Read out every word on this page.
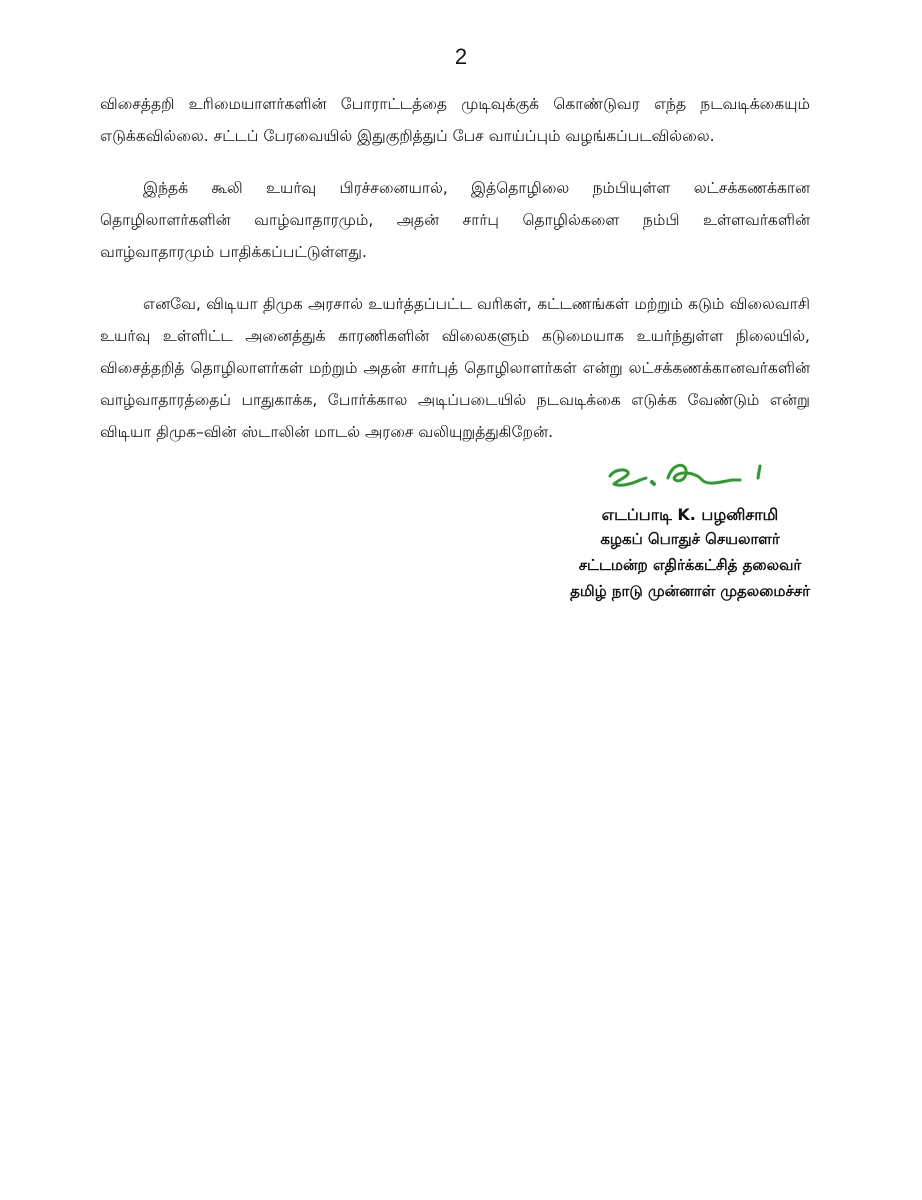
2

விசைத்தறி உரிமையாளர்களின் போராட்டத்தை முடிவுக்குக் கொண்டுவர எந்த நடவடிக்கையும் எடுக்கவில்லை. சட்டப் பேரவையில் இதுகுறித்துப் பேச வாய்ப்பும் வழங்கப்படவில்லை.

இந்தக் கூலி உயர்வு பிரச்சனையால், இத்தொழிலை நம்பியுள்ள லட்சக்கணக்கான தொழிலாளர்களின் வாழ்வாதாரமும், அதன் சார்பு தொழில்களை நம்பி உள்ளவர்களின் வாழ்வாதாரமும் பாதிக்கப்பட்டுள்ளது.

எனவே, விடியா திமுக அரசால் உயர்த்தப்பட்ட வரிகள், கட்டணங்கள் மற்றும் கடும் விலைவாசி உயர்வு உள்ளிட்ட அனைத்துக் காரணிகளின் விலைகளும் கடுமையாக உயர்ந்துள்ள நிலையில், விசைத்தறித் தொழிலாளர்கள் மற்றும் அதன் சார்புத் தொழிலாளர்கள் என்று லட்சக்கணக்கானவர்களின் வாழ்வாதாரத்தைப் பாதுகாக்க, போர்க்கால அடிப்படையில் நடவடிக்கை எடுக்க வேண்டும் என்று விடியா திமுக–வின் ஸ்டாலின் மாடல் அரசை வலியுறுத்துகிறேன்.

எடப்பாடி K. பழனிசாமி
கழகப் பொதுச் செயலாளர்
சட்டமன்ற எதிர்க்கட்சித் தலைவர்
தமிழ் நாடு முன்னாள் முதலமைச்சர்
